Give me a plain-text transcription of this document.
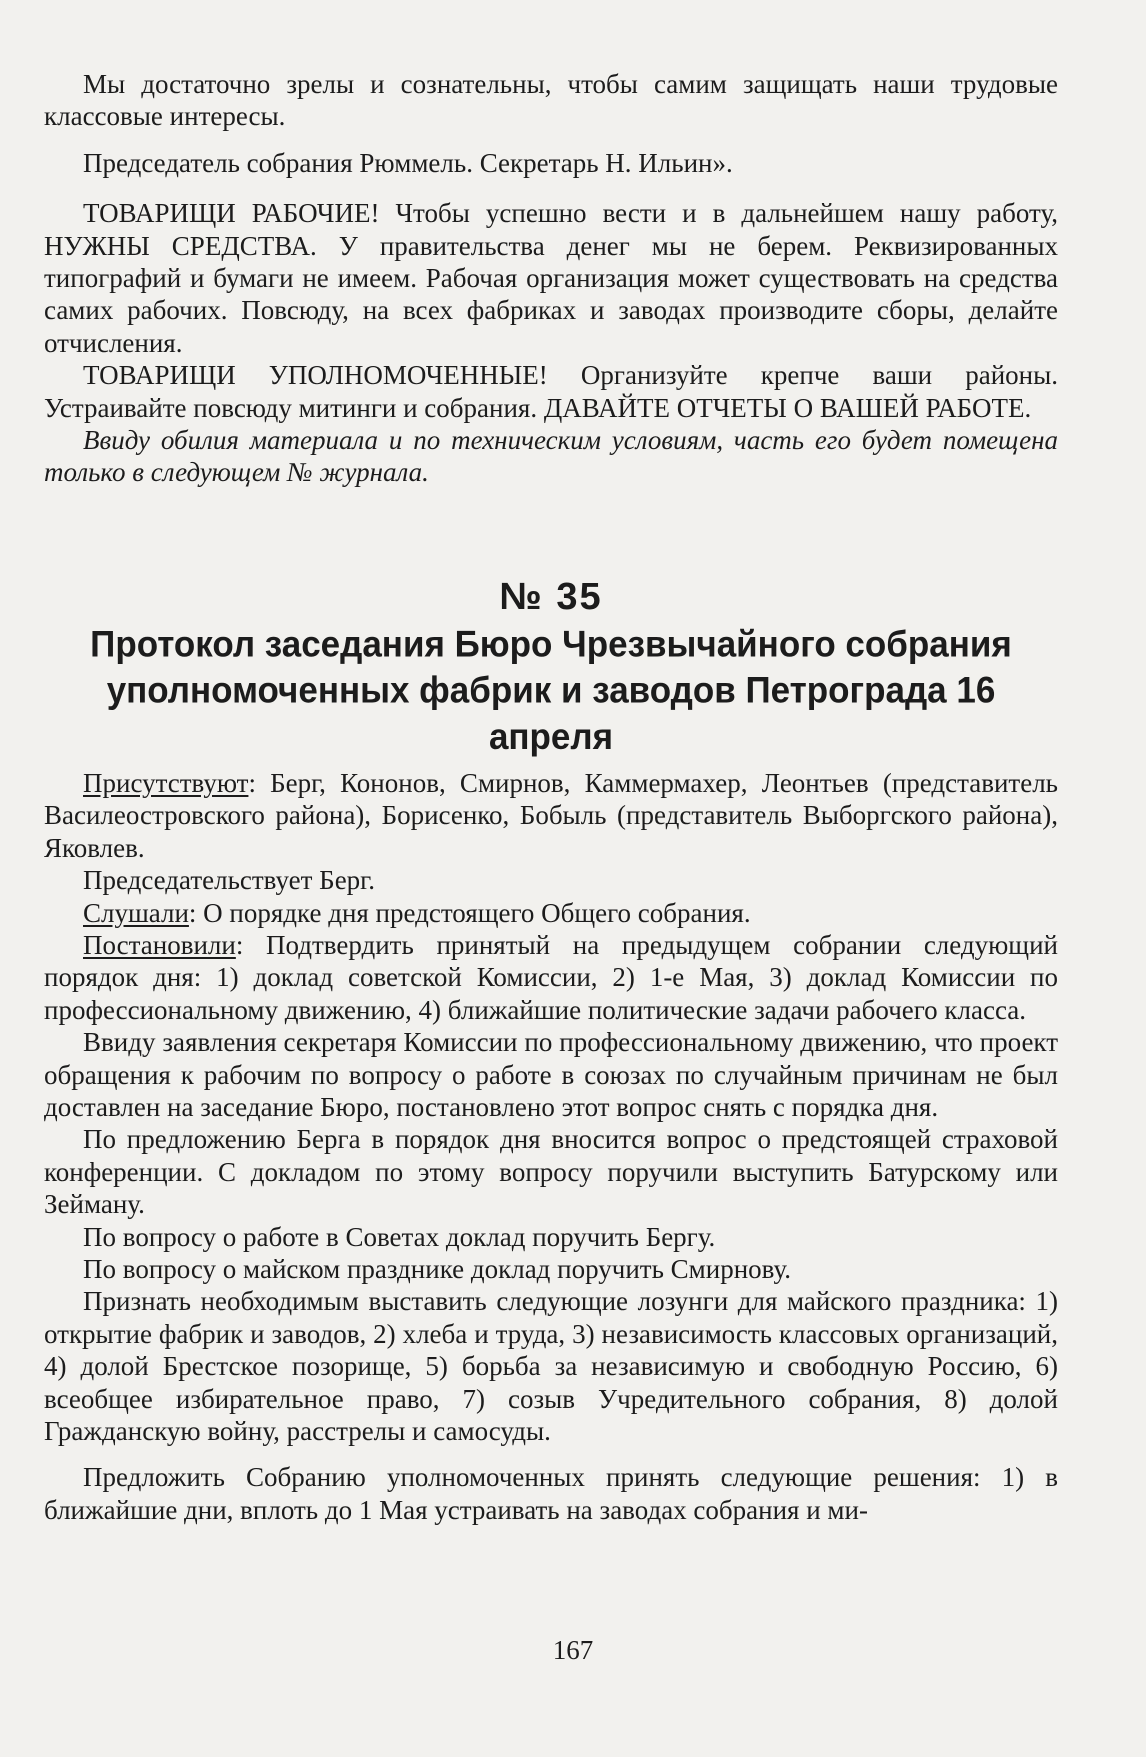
Мы достаточно зрелы и сознательны, чтобы самим защищать наши трудовые классовые интересы.

Председатель собрания Рюммель. Секретарь Н. Ильин».

ТОВАРИЩИ РАБОЧИЕ! Чтобы успешно вести и в дальнейшем нашу работу, НУЖНЫ СРЕДСТВА. У правительства денег мы не берем. Реквизированных типографий и бумаги не имеем. Рабочая организация может существовать на средства самих рабочих. Повсюду, на всех фабриках и заводах производите сборы, делайте отчисления.

ТОВАРИЩИ УПОЛНОМОЧЕННЫЕ! Организуйте крепче ваши районы. Устраивайте повсюду митинги и собрания. ДАВАЙТЕ ОТЧЕТЫ О ВАШЕЙ РАБОТЕ.

Ввиду обилия материала и по техническим условиям, часть его будет помещена только в следующем № журнала.

№ 35
Протокол заседания Бюро Чрезвычайного собрания уполномоченных фабрик и заводов Петрограда 16 апреля

Присутствуют: Берг, Кононов, Смирнов, Каммермахер, Леонтьев (представитель Василеостровского района), Борисенко, Бобыль (представитель Выборгского района), Яковлев.

Председательствует Берг.

Слушали: О порядке дня предстоящего Общего собрания.

Постановили: Подтвердить принятый на предыдущем собрании следующий порядок дня: 1) доклад советской Комиссии, 2) 1-е Мая, 3) доклад Комиссии по профессиональному движению, 4) ближайшие политические задачи рабочего класса.

Ввиду заявления секретаря Комиссии по профессиональному движению, что проект обращения к рабочим по вопросу о работе в союзах по случайным причинам не был доставлен на заседание Бюро, постановлено этот вопрос снять с порядка дня.

По предложению Берга в порядок дня вносится вопрос о предстоящей страховой конференции. С докладом по этому вопросу поручили выступить Батурскому или Зейману.

По вопросу о работе в Советах доклад поручить Бергу.

По вопросу о майском празднике доклад поручить Смирнову.

Признать необходимым выставить следующие лозунги для майского праздника: 1) открытие фабрик и заводов, 2) хлеба и труда, 3) независимость классовых организаций, 4) долой Брестское позорище, 5) борьба за независимую и свободную Россию, 6) всеобщее избирательное право, 7) созыв Учредительного собрания, 8) долой Гражданскую войну, расстрелы и самосуды.

Предложить Собранию уполномоченных принять следующие решения: 1) в ближайшие дни, вплоть до 1 Мая устраивать на заводах собрания и ми-

167
